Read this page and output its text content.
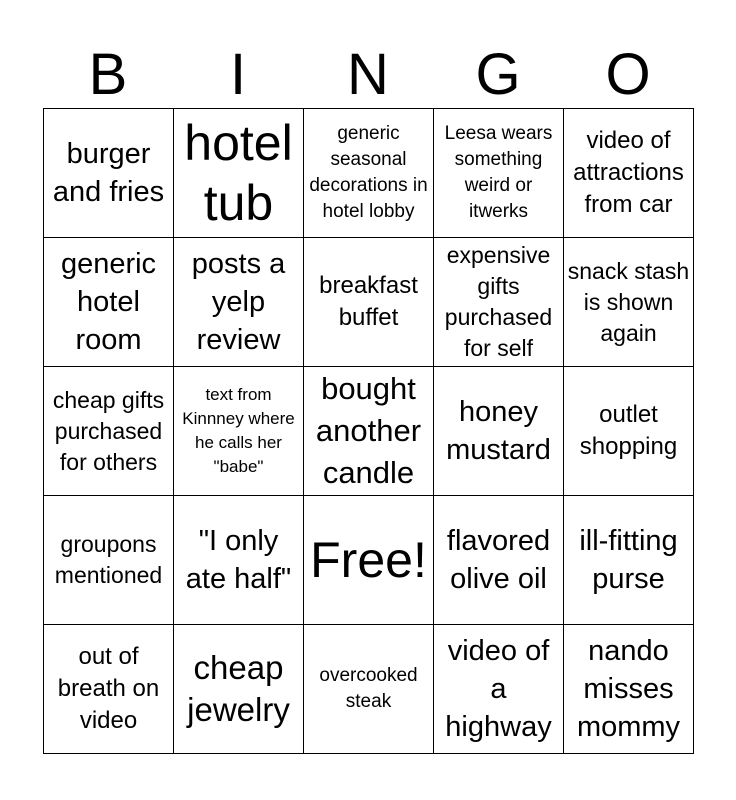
B	I	N	G	O
burger and fries	hotel tub	generic seasonal decorations in hotel lobby	Leesa wears something weird or itwerks	video of attractions from car

generic hotel room	posts a yelp review	breakfast buffet	expensive gifts purchased for self	snack stash is shown again

cheap gifts purchased for others	text from Kinnney where he calls her "babe"	bought another candle	honey mustard	outlet shopping

groupons mentioned	"I only ate half"	Free!	flavored olive oil	ill-fitting purse

out of breath on video	cheap jewelry	overcooked steak	video of a highway	nando misses mommy
